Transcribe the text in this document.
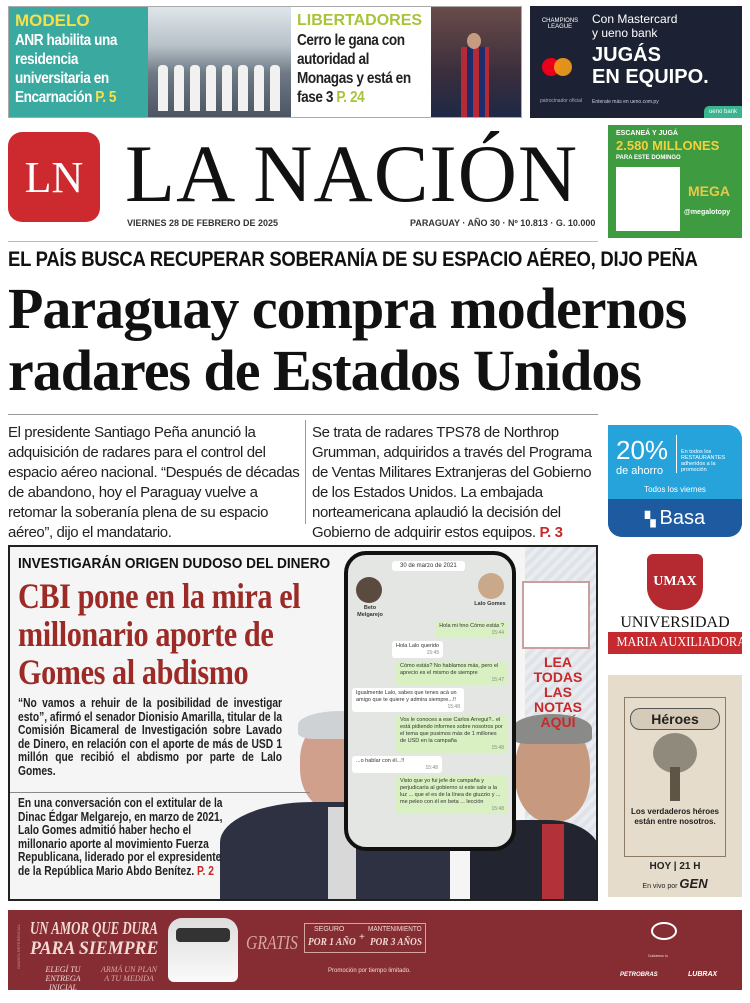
MODELO
ANR habilita una residencia universitaria en Encarnación P. 5
LIBERTADORES
Cerro le gana con autoridad al Monagas y está en fase 3 P. 24
CHAMPIONS LEAGUE
patrocinador oficial
Con Mastercard
y ueno bank
JUGÁS
EN EQUIPO.
Enterate más en ueno.com.py
ueno bank
LN LA NACIÓN
VIERNES 28 DE FEBRERO DE 2025	PARAGUAY · AÑO 30 · Nº 10.813 · G. 10.000
ESCANEÁ Y JUGÁ
2.580 MILLONES
PARA ESTE DOMINGO
MEGA
@megalotopy
EL PAÍS BUSCA RECUPERAR SOBERANÍA DE SU ESPACIO AÉREO, DIJO PEÑA
Paraguay compra modernos
radares de Estados Unidos
El presidente Santiago Peña anunció la adquisición de radares para el control del espacio aéreo nacional. “Después de décadas de abandono, hoy el Paraguay vuelve a retomar la soberanía plena de su espacio aéreo”, dijo el mandatario.
Se trata de radares TPS78 de Northrop Grumman, adquiridos a través del Programa de Ventas Militares Extranjeras del Gobierno de los Estados Unidos. La embajada norteamericana aplaudió la decisión del Gobierno de adquirir estos equipos. P. 3
20%
de ahorro
En todos los RESTAURANTES adheridos a la promoción
Todos los viernes
▚ Basa
INVESTIGARÁN ORIGEN DUDOSO DEL DINERO
CBI pone en la mira el millonario aporte de Gomes al abdismo
30 de marzo de 2021
Beto Melgarejo
Lalo Gomes
Hola mi hno Cómo estás ?
15:44
Hola Lalo querido
15:45
Cómo estás? No hablamos más, pero el aprecio es el mismo de siempre
15:47
Igualmente Lalo, sabes que tenes acá un amigo que te quiere y admira siempre...!!
15:48
Vos le conoces a ese Carlos Arregui?.. el está pidiendo informes sobre nosotros por el tema que pusimos más de 1 millones de USD en la campaña
15:48
...o hablar con él...!!
15:48
Visto que yo fui jefe de campaña y perjudicaría al gobierno si este sale a la luz ... que el es de la línea de giuzzio y ... me peleo con él en beta ... lección
15:48
LEA TODAS LAS NOTAS AQUÍ
“No vamos a rehuir de la posibilidad de investigar esto”, afirmó el senador Dionisio Amarilla, titular de la Comisión Bicameral de Investigación sobre Lavado de Dinero, en relación con el aporte de más de USD 1 millón que recibió el abdismo por parte de Lalo Gomes.
En una conversación con el extitular de la Dinac Édgar Melgarejo, en marzo de 2021, Lalo Gomes admitió haber hecho el millonario aporte al movimiento Fuerza Republicana, liderado por el expresidente de la República Mario Abdo Benítez. P. 2
UMAX
UNIVERSIDAD
MARIA AUXILIADORA
Héroes
Los verdaderos héroes están entre nosotros.
HOY | 21 H
En vivo por GEN
IMAGEN REFERENCIAL UN AMOR QUE DURA
PARA SIEMPRE
ELEGÍ TU ENTREGA INICIAL
ARMÁ UN PLAN A TU MEDIDA
GRATIS
SEGURO
POR 1 AÑO +
MANTENIMIENTO
POR 3 AÑOS
Promoción por tiempo limitado.
Cuidamos tu
PETROBRAS	LUBRAX
